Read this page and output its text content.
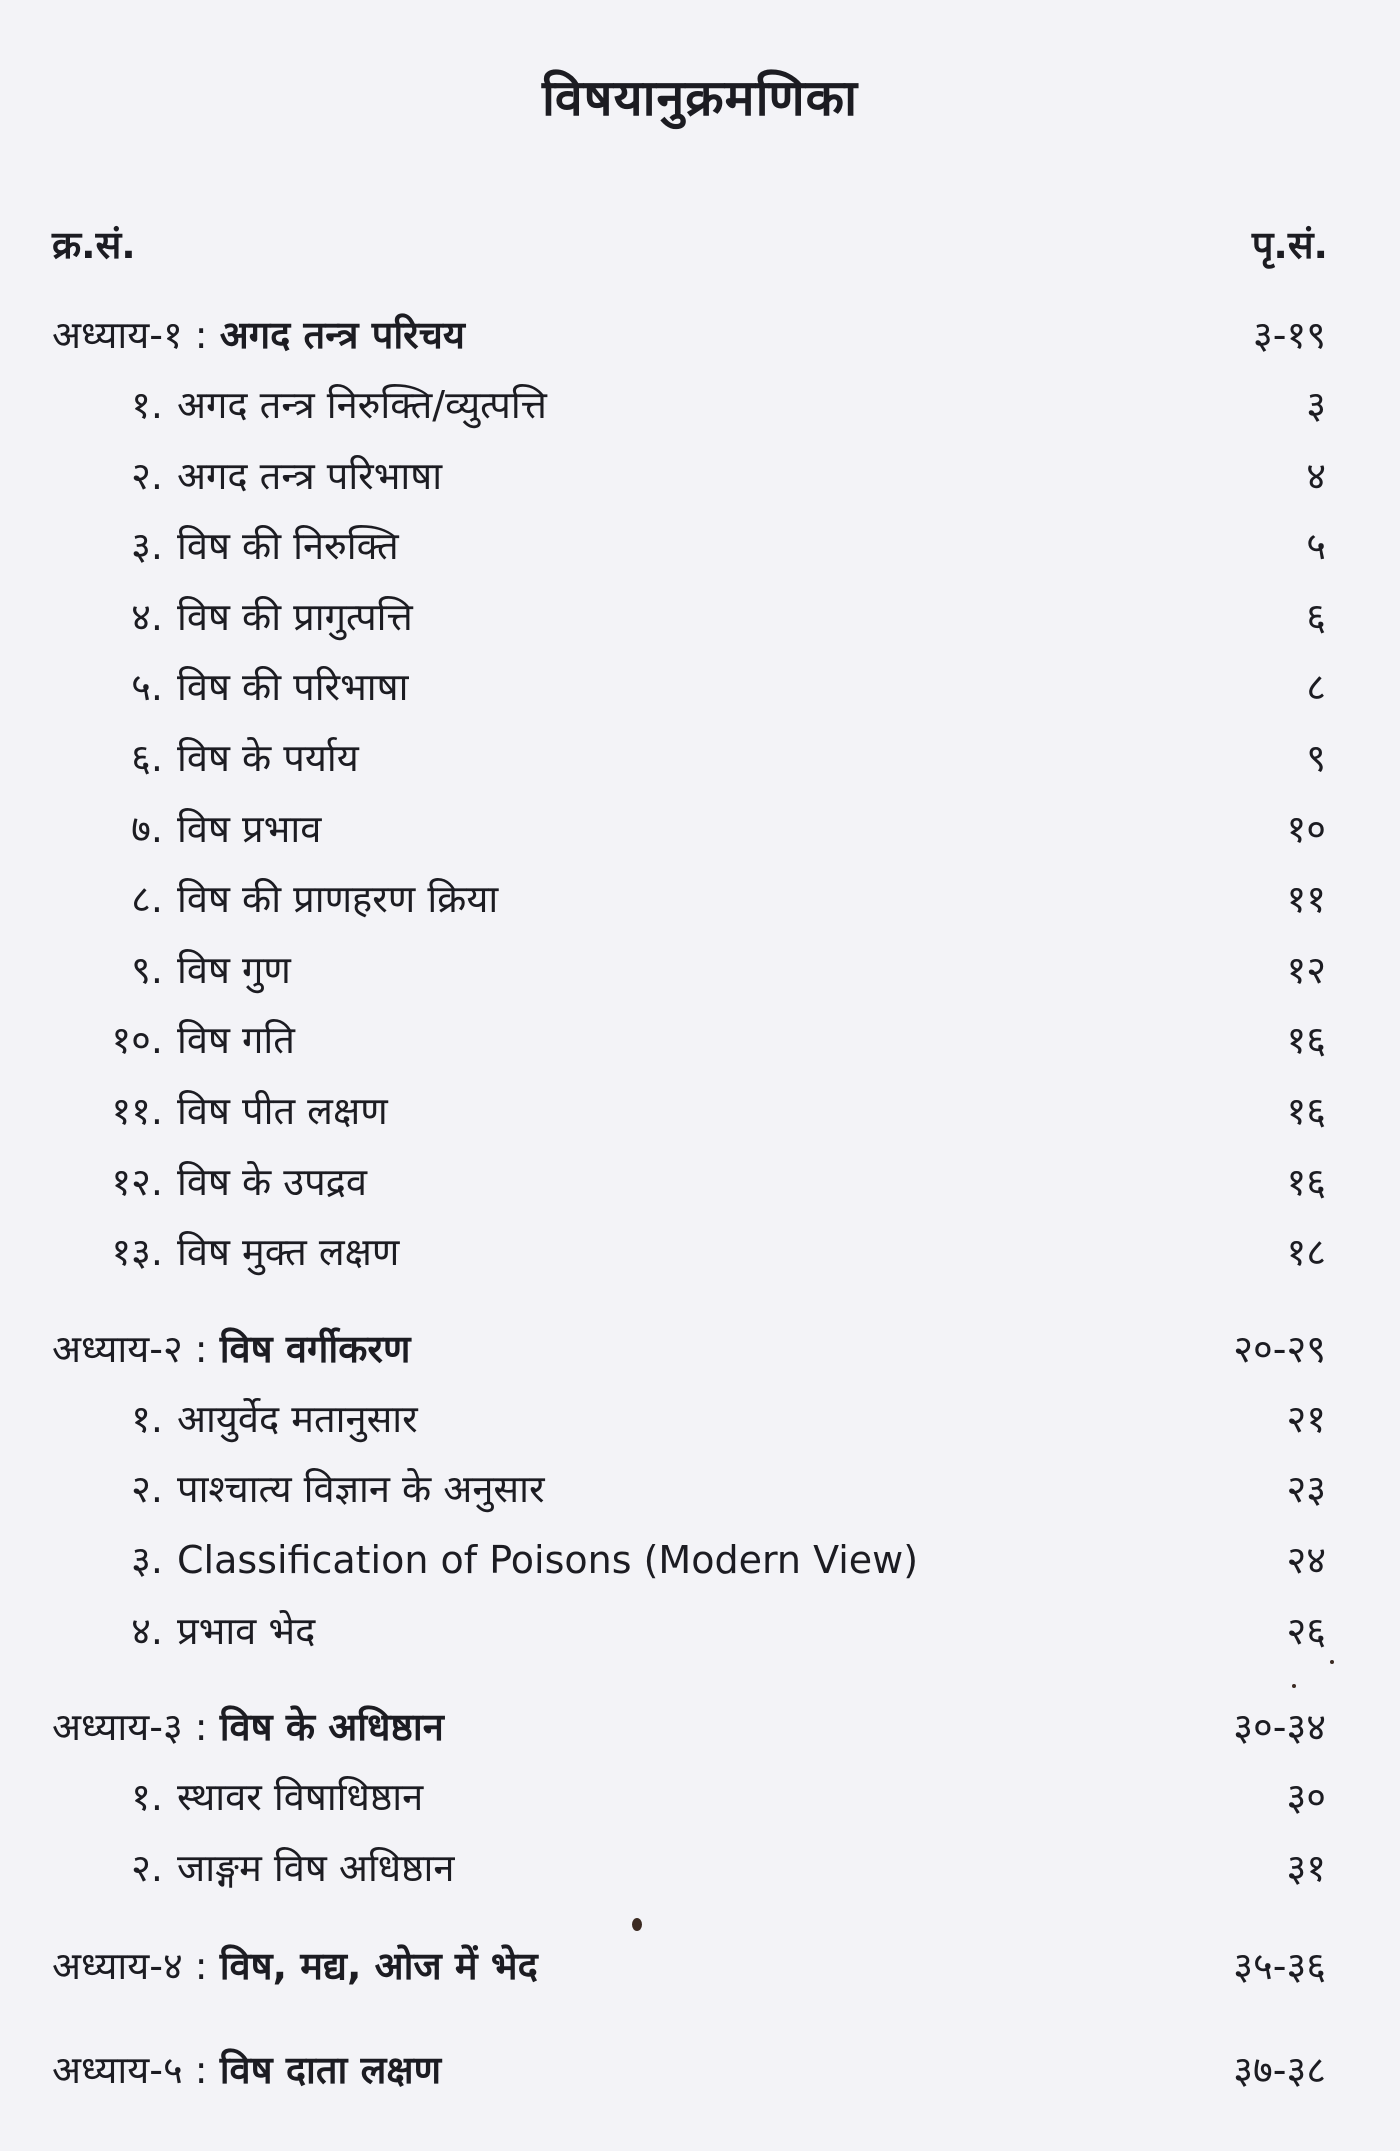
विषयानुक्रमणिका
क्र.सं.	पृ.सं.
अध्याय-१ : अगद तन्त्र परिचय	३-१९
१. अगद तन्त्र निरुक्ति/व्युत्पत्ति	३
२. अगद तन्त्र परिभाषा	४
३. विष की निरुक्ति	५
४. विष की प्रागुत्पत्ति	६
५. विष की परिभाषा	८
६. विष के पर्याय	९
७. विष प्रभाव	१०
८. विष की प्राणहरण क्रिया	११
९. विष गुण	१२
१०. विष गति	१६
११. विष पीत लक्षण	१६
१२. विष के उपद्रव	१६
१३. विष मुक्त लक्षण	१८
अध्याय-२ : विष वर्गीकरण	२०-२९
१. आयुर्वेद मतानुसार	२१
२. पाश्चात्य विज्ञान के अनुसार	२३
३. Classification of Poisons (Modern View)	२४
४. प्रभाव भेद	२६
अध्याय-३ : विष के अधिष्ठान	३०-३४
१. स्थावर विषाधिष्ठान	३०
२. जाङ्गम विष अधिष्ठान	३१
अध्याय-४ : विष, मद्य, ओज में भेद	३५-३६
अध्याय-५ : विष दाता लक्षण	३७-३८
